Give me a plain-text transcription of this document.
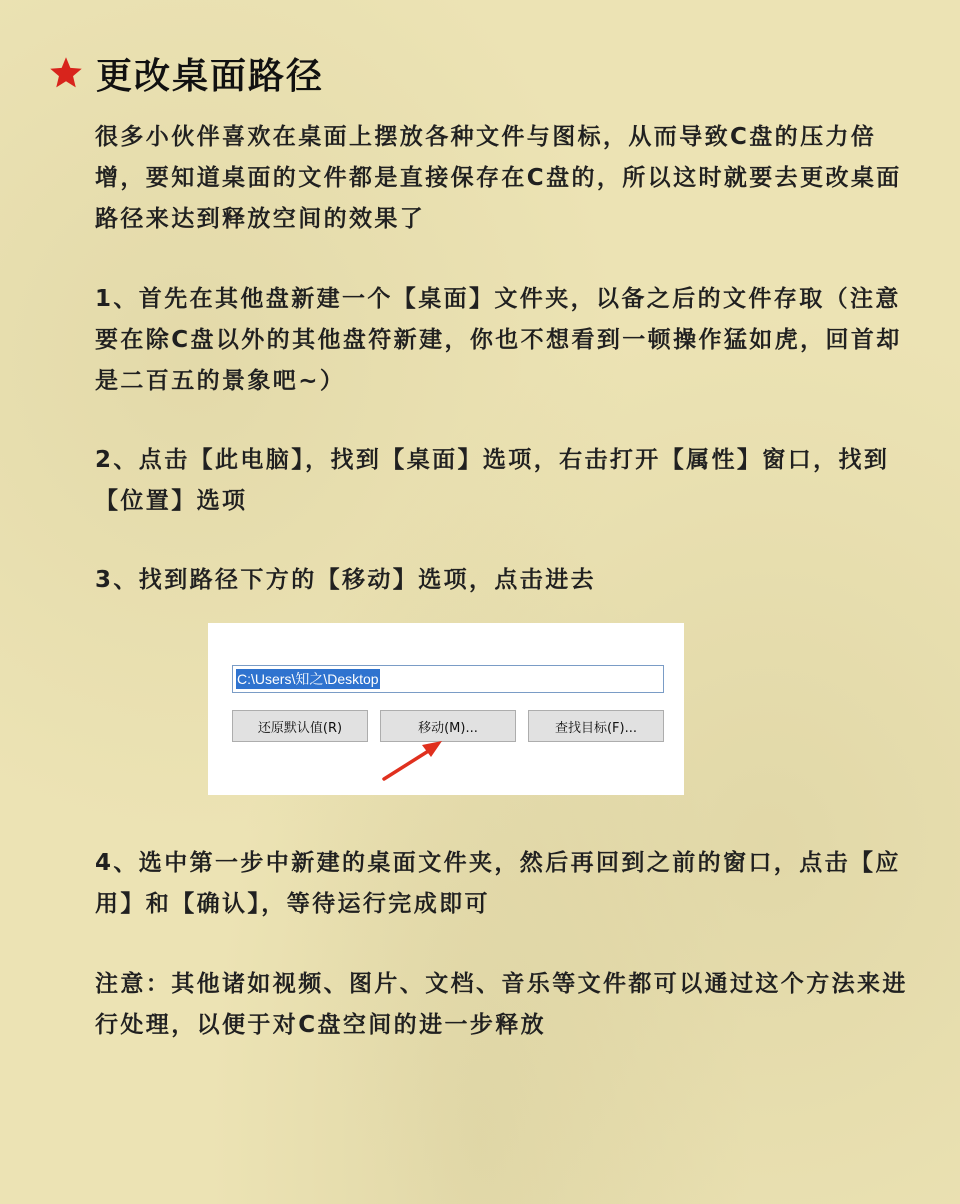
更改桌面路径
很多小伙伴喜欢在桌面上摆放各种文件与图标，从而导致C盘的压力倍增，要知道桌面的文件都是直接保存在C盘的，所以这时就要去更改桌面路径来达到释放空间的效果了
1、首先在其他盘新建一个【桌面】文件夹，以备之后的文件存取（注意要在除C盘以外的其他盘符新建，你也不想看到一顿操作猛如虎，回首却是二百五的景象吧~）
2、点击【此电脑】，找到【桌面】选项，右击打开【属性】窗口，找到【位置】选项
3、找到路径下方的【移动】选项，点击进去
C:\Users\知之\Desktop
还原默认值(R)	移动(M)...	查找目标(F)...
4、选中第一步中新建的桌面文件夹，然后再回到之前的窗口，点击【应用】和【确认】，等待运行完成即可
注意：其他诸如视频、图片、文档、音乐等文件都可以通过这个方法来进行处理，以便于对C盘空间的进一步释放
